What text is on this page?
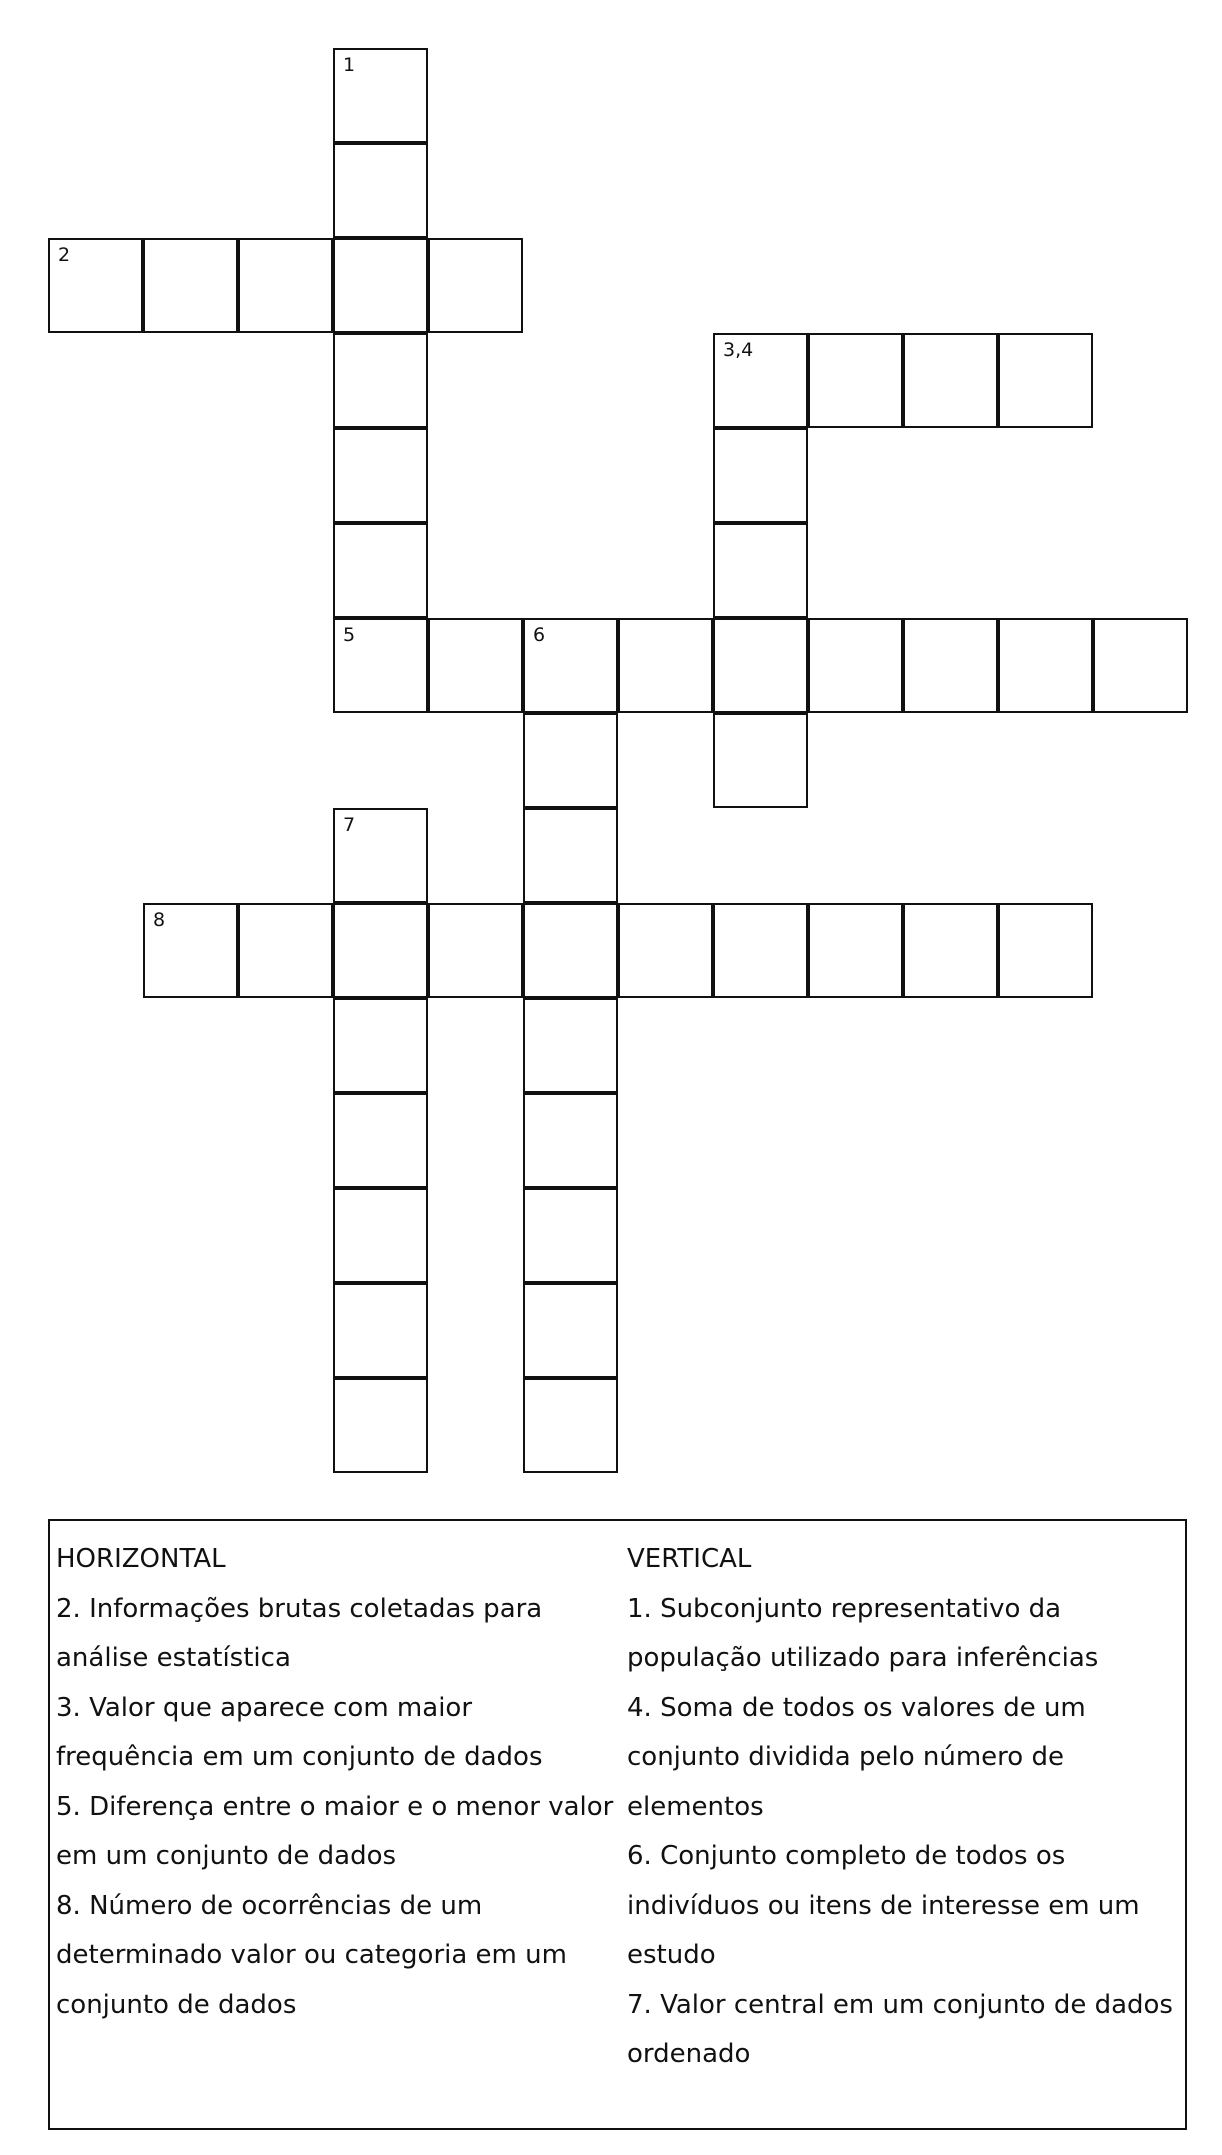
1
2
3,4
5	6
7
8

HORIZONTAL

2. Informações brutas coletadas para análise estatística

3. Valor que aparece com maior frequência em um conjunto de dados

5. Diferença entre o maior e o menor valor em um conjunto de dados

8. Número de ocorrências de um determinado valor ou categoria em um conjunto de dados

VERTICAL

1. Subconjunto representativo da população utilizado para inferências

4. Soma de todos os valores de um conjunto dividida pelo número de elementos

6. Conjunto completo de todos os indivíduos ou itens de interesse em um estudo

7. Valor central em um conjunto de dados ordenado
